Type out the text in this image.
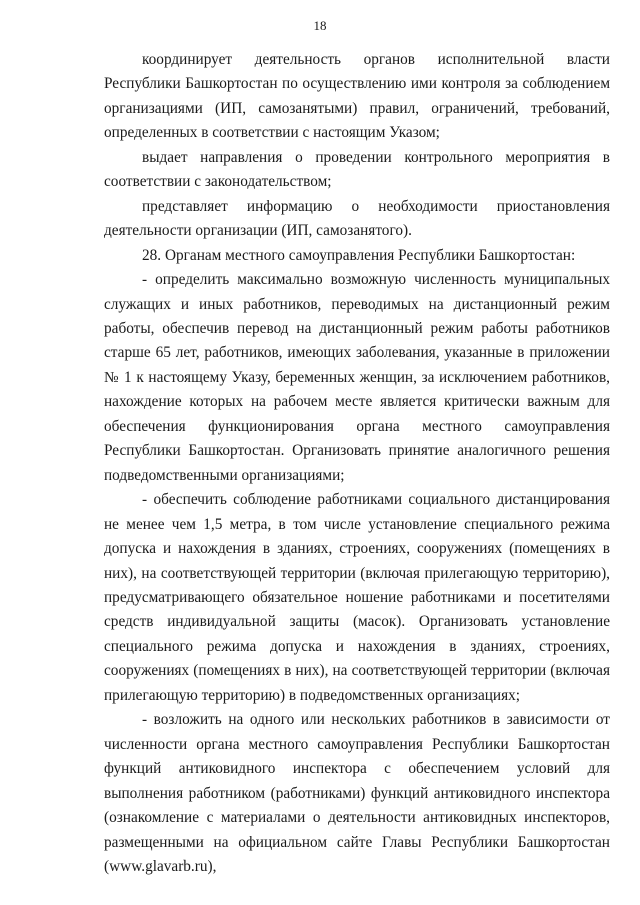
18

координирует деятельность органов исполнительной власти Республики Башкортостан по осуществлению ими контроля за соблюдением организациями (ИП, самозанятыми) правил, ограничений, требований, определенных в соответствии с настоящим Указом;

выдает направления о проведении контрольного мероприятия в соответствии с законодательством;

представляет информацию о необходимости приостановления деятельности организации (ИП, самозанятого).

28. Органам местного самоуправления Республики Башкортостан:

- определить максимально возможную численность муниципальных служащих и иных работников, переводимых на дистанционный режим работы, обеспечив перевод на дистанционный режим работы работников старше 65 лет, работников, имеющих заболевания, указанные в приложении № 1 к настоящему Указу, беременных женщин, за исключением работников, нахождение которых на рабочем месте является критически важным для обеспечения функционирования органа местного самоуправления Республики Башкортостан. Организовать принятие аналогичного решения подведомственными организациями;

- обеспечить соблюдение работниками социального дистанцирования не менее чем 1,5 метра, в том числе установление специального режима допуска и нахождения в зданиях, строениях, сооружениях (помещениях в них), на соответствующей территории (включая прилегающую территорию), предусматривающего обязательное ношение работниками и посетителями средств индивидуальной защиты (масок). Организовать установление специального режима допуска и нахождения в зданиях, строениях, сооружениях (помещениях в них), на соответствующей территории (включая прилегающую территорию) в подведомственных организациях;

- возложить на одного или нескольких работников в зависимости от численности органа местного самоуправления Республики Башкортостан функций антиковидного инспектора с обеспечением условий для выполнения работником (работниками) функций антиковидного инспектора (ознакомление с материалами о деятельности антиковидных инспекторов, размещенными на официальном сайте Главы Республики Башкортостан (www.glavarb.ru),
